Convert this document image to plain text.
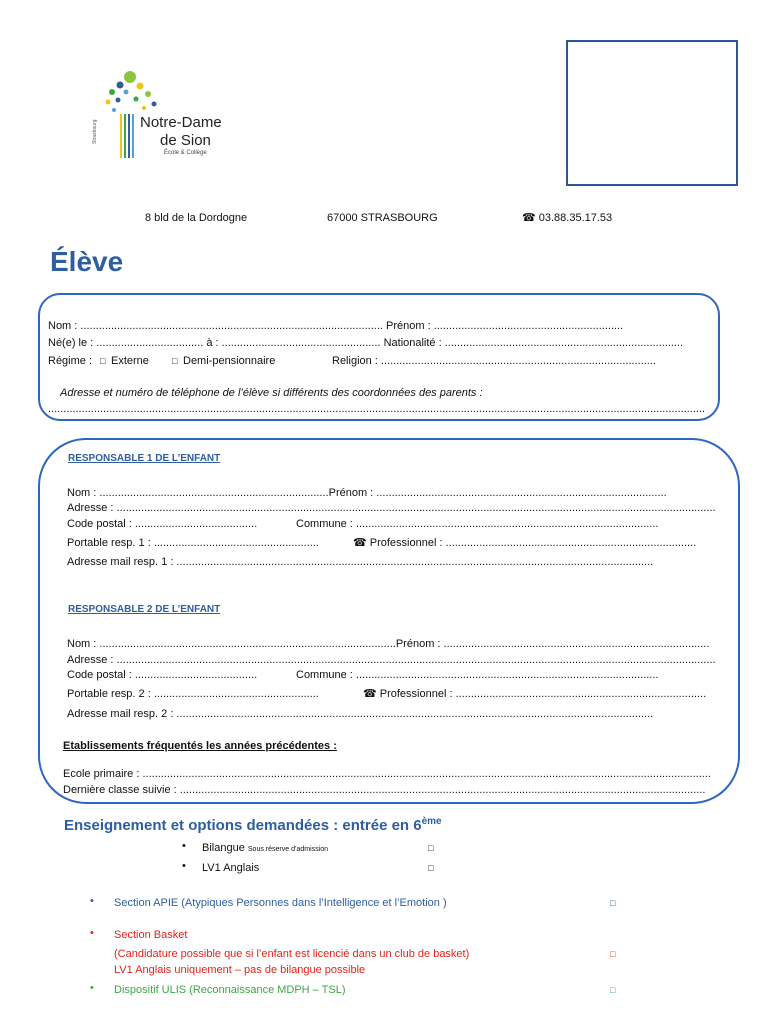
Strasbourg	Notre-Dame
de Sion
École & Collège
8 bld de la Dordogne	67000 STRASBOURG	☎ 03.88.35.17.53
Élève
Nom : ................................................................................................... Prénom : ..............................................................
Né(e) le : ................................... à : .................................................... Nationalité : ..............................................................................
Régime : □ Externe	□ Demi-pensionnaire	Religion : ..........................................................................................
Adresse et numéro de téléphone de l’élève si différents des coordonnées des parents :
.......................................................................................................................................................................................................................
RESPONSABLE 1 DE L’ENFANT
Nom : ...........................................................................Prénom : ...............................................................................................
Adresse : ....................................................................................................................................................................................................
Code postal : ........................................	Commune : ...................................................................................................
Portable resp. 1 : ......................................................	☎ Professionnel : ..................................................................................
Adresse mail resp. 1 : ............................................................................................................................................................
RESPONSABLE 2 DE L’ENFANT
Nom : .................................................................................................Prénom : .......................................................................................
Adresse : ....................................................................................................................................................................................................
Code postal : ........................................	Commune : ...................................................................................................
Portable resp. 2 : ......................................................	☎ Professionnel : ..................................................................................
Adresse mail resp. 2 : ............................................................................................................................................................
Etablissements fréquentés les années précédentes :
Ecole primaire : ..........................................................................................................................................................................................
Dernière classe suivie : ............................................................................................................................................................................
Enseignement et options demandées : entrée en 6ème
• Bilangue Sous réserve d’admission	□
• LV1 Anglais	□
• Section APIE (Atypiques Personnes dans l’Intelligence et l’Emotion )	□
• Section Basket
(Candidature possible que si l’enfant est licencié dans un club de basket)	□
LV1 Anglais uniquement – pas de bilangue possible
• Dispositif ULIS (Reconnaissance MDPH – TSL)	□
